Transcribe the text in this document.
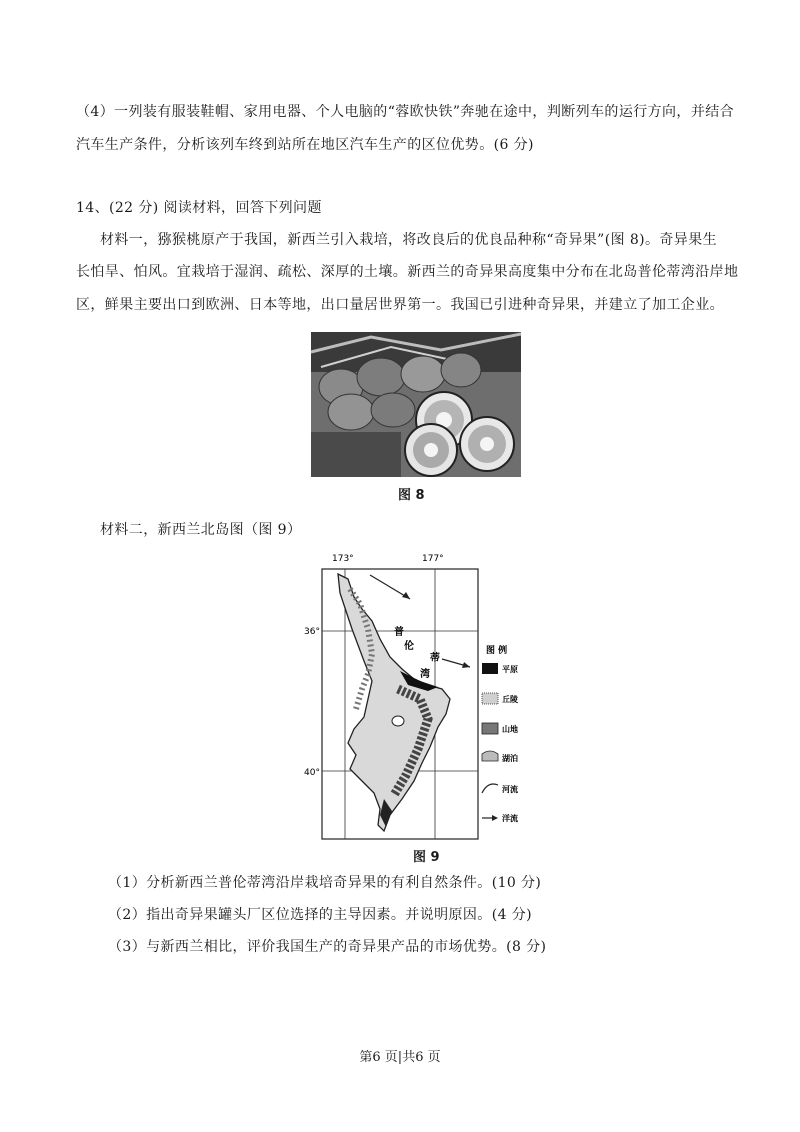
（4）一列装有服装鞋帽、家用电器、个人电脑的“蓉欧快铁”奔驰在途中，判断列车的运行方向，并结合
汽车生产条件，分析该列车终到站所在地区汽车生产的区位优势。(6 分)
14、(22 分) 阅读材料，回答下列问题
材料一，猕猴桃原产于我国，新西兰引入栽培，将改良后的优良品种称“奇异果”(图 8)。奇异果生
长怕旱、怕风。宜栽培于湿润、疏松、深厚的土壤。新西兰的奇异果高度集中分布在北岛普伦蒂湾沿岸地
区，鲜果主要出口到欧洲、日本等地，出口量居世界第一。我国已引进种奇异果，并建立了加工企业。
图 8
材料二，新西兰北岛图（图 9）
173°	177°
36°
40°
伦
湾
蒂
普
图 例
平原
丘陵
山地
湖泊
河流
洋流
图 9
（1）分析新西兰普伦蒂湾沿岸栽培奇异果的有利自然条件。(10 分)
（2）指出奇异果罐头厂区位选择的主导因素。并说明原因。(4 分)
（3）与新西兰相比，评价我国生产的奇异果产品的市场优势。(8 分)
第6 页|共6 页
